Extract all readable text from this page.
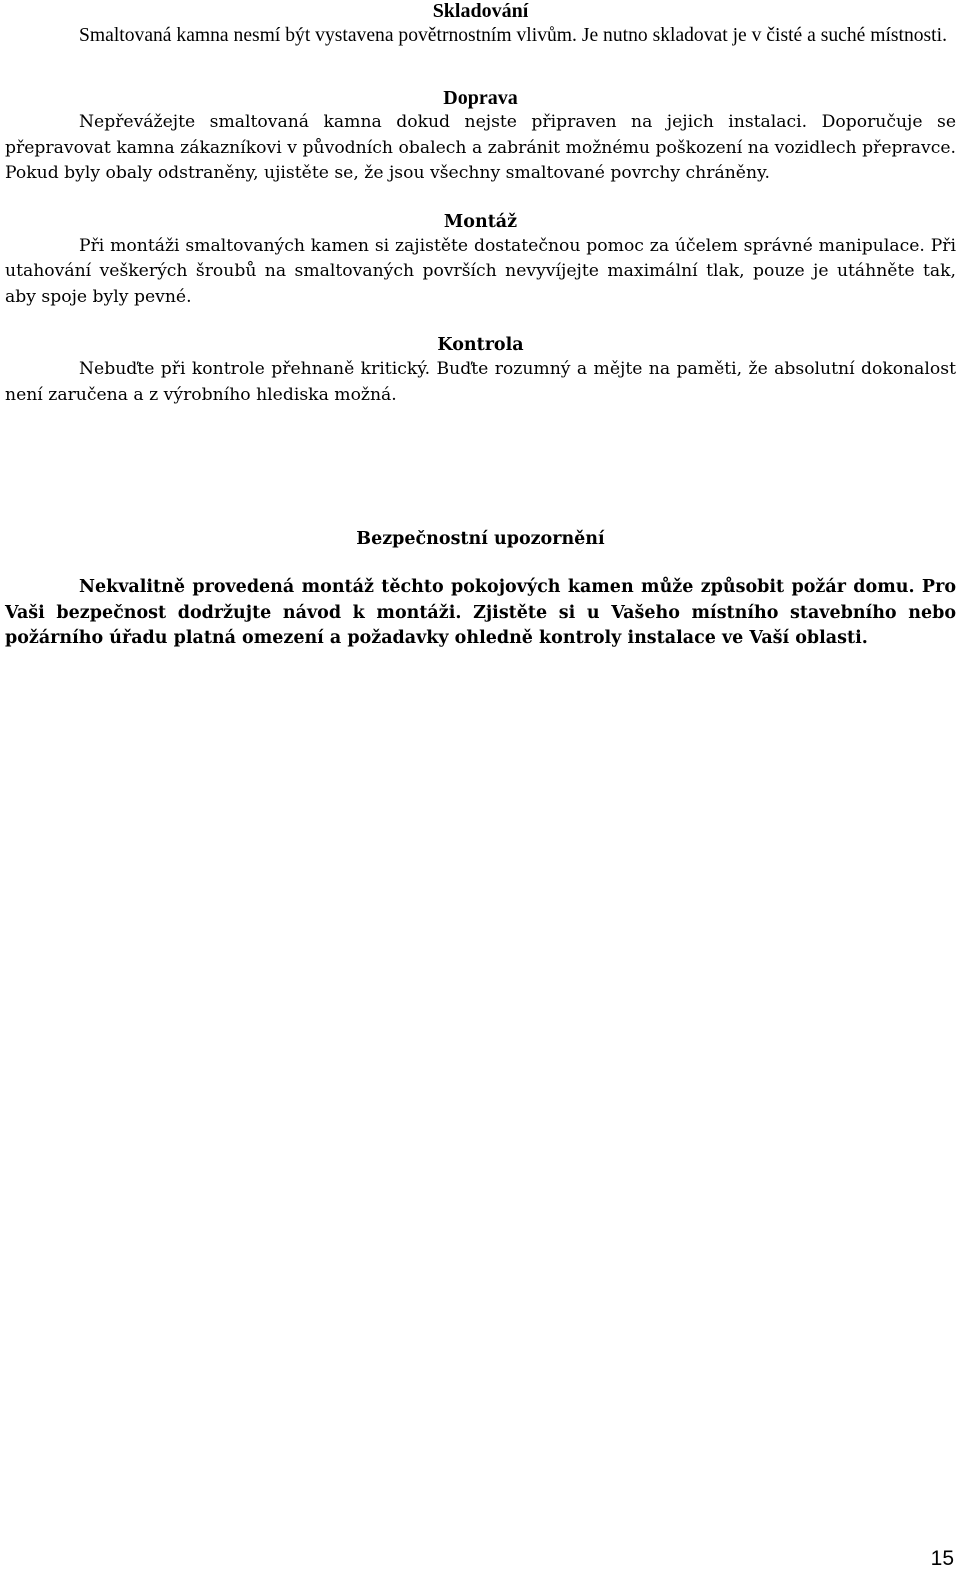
Skladování

Smaltovaná kamna nesmí být vystavena povětrnostním vlivům. Je nutno skladovat je v čisté a suché místnosti.

Doprava

Nepřevážejte smaltovaná kamna dokud nejste připraven na jejich instalaci. Doporučuje se přepravovat kamna zákazníkovi v původních obalech a zabránit možnému poškození na vozidlech přepravce. Pokud byly obaly odstraněny, ujistěte se, že jsou všechny smaltované povrchy chráněny.

Montáž

Při montáži smaltovaných kamen si zajistěte dostatečnou pomoc za účelem správné manipulace. Při utahování veškerých šroubů na smaltovaných površích nevyvíjejte maximální tlak, pouze je utáhněte tak, aby spoje byly pevné.

Kontrola

Nebuďte při kontrole přehnaně kritický. Buďte rozumný a mějte na paměti, že absolutní dokonalost není zaručena a z výrobního hlediska možná.

Bezpečnostní upozornění

Nekvalitně provedená montáž těchto pokojových kamen může způsobit požár domu. Pro Vaši bezpečnost dodržujte návod k montáži. Zjistěte si u Vašeho místního stavebního nebo požárního úřadu platná omezení a požadavky ohledně kontroly instalace ve Vaší oblasti.

15
